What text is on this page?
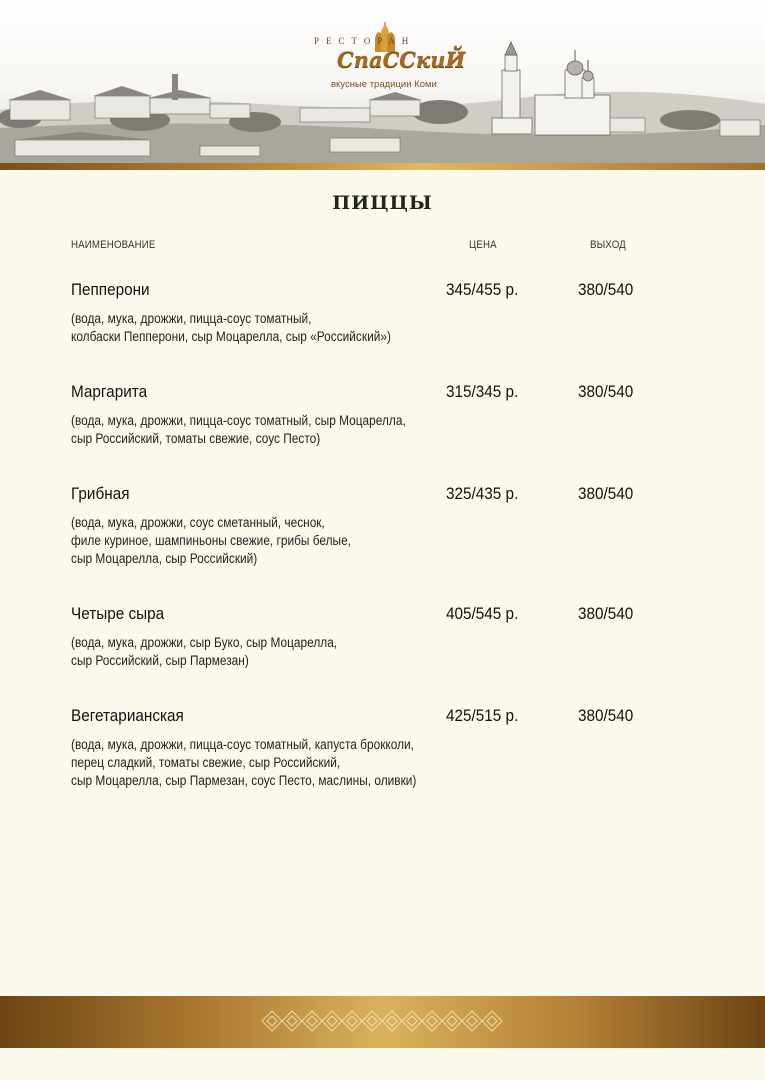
РЕСТОРАН
СпаССкиЙ
вкусные традиции Коми
ПИЦЦЫ
НАИМЕНОВАНИЕ	ЦЕНА	ВЫХОД
Пепперони	345/455 р.	380/540
(вода, мука, дрожжи, пицца-соус томатный,
колбаски Пепперони, сыр Моцарелла, сыр «Российский»)
Маргарита	315/345 р.	380/540
(вода, мука, дрожжи, пицца-соус томатный, сыр Моцарелла,
сыр Российский, томаты свежие, соус Песто)
Грибная	325/435 р.	380/540
(вода, мука, дрожжи, соус сметанный, чеснок,
филе куриное, шампиньоны свежие, грибы белые,
сыр Моцарелла, сыр Российский)
Четыре сыра	405/545 р.	380/540
(вода, мука, дрожжи, сыр Буко, сыр Моцарелла,
сыр Российский, сыр Пармезан)
Вегетарианская	425/515 р.	380/540
(вода, мука, дрожжи, пицца-соус томатный, капуста брокколи,
перец сладкий, томаты свежие, сыр Российский,
сыр Моцарелла, сыр Пармезан, соус Песто, маслины, оливки)
